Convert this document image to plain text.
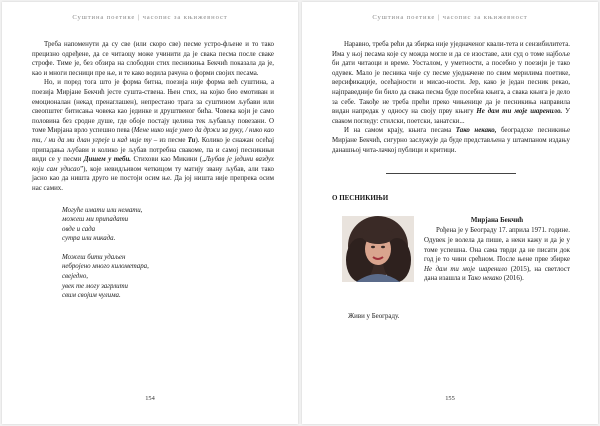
Суштина поетике | часопис за књижевност

Треба напоменути да су све (или скоро све) песме устро-фљене и то тако прецизно одређене, да се читаоцу може учинити да је свака песма после сваке строфе. Тиме је, без обзира на слободни стих песникиња Бекчић показала да је, као и многи песници пре ње, и те како водила рачуна о форми својих песама.

Но, и поред тога што је форма битна, поезија није форма већ суштина, а поезија Мирјане Бекчић јесте суштa-ствена. Њен стих, на којко био емотиван и емоционалан (некад пренаглашен), непрестано трага за суштином љубави или свеопштег битисања човека као јединке и друштвеног бића. Човека који је само половина без сродне душе, где обоје постају целина тек љубављу повезани. О томе Мирјана врло успешно пева (Мене нико није умео да држи за руку, / нико као ти, / ни да ми длан угреје и кад није ту – из песме Ти). Колико је снажан осећај припадања љубави и колико је љубав потребна свакоме, па и самој песникињи види се у песми Дишем у теби. Стихови као Микини („Љубав је једини ваздух који сам удисао”), које невидљивом четкицом ту матију званy љубав, али тако јасно као да ништа друго не постоји осим ње. Да јој ништа није препрека осим нас самих.

Могуће имати или немати,
можеш ми припадати
овде и сада
сутра или никада.
Можеш бити удаљен
небројено много километара,
свеједно,
увек те могу загрлити
свим својим чулима.
154
Суштина поетике | часопис за књижевност

Наравно, треба рећи да збирка није уједначеног квали-тета и сензибилитета. Има у њој песама које су можда могле и да се изоставе, али суд о томе најбоље би дати читаоци и време. Уосталом, у уметности, а посебно у поезији је тако одувек. Мало је песника чије су песме уједначене по свим мерилима поетике, версификације, осећајности и мисао-ности. Јер, како је један песник рекао, најправедније би било да свака песма буде посебна књига, а свака књига је дело за себе. Такође не треба прећи преко чињенице да је песникиња направила видан напредак у односу на своју прву књигу Не дам ти моје шаренило. У сваком погледу: стилски, поетски, занатски...

И на самом крају, књига песама Тако некако, београдске песникиње Мирјане Бекчић, сигурно заслужује да буде представљена у штампаном издању данашњој читa-лачкој публици и критици.

О ПЕСНИКИЊИ
Мирјана Бекчић

Рођена је у Београду 17. априла 1971. године. Одувек је волела да пише, а неки кажу и да је у томе успешна. Она сама тврди да не писати док год је то чини срећном. После њене прве збирке Не дам ти моје шарeнило (2015), на светлост дана изашла и Тако некако (2016).

Живи у Београду.
155
